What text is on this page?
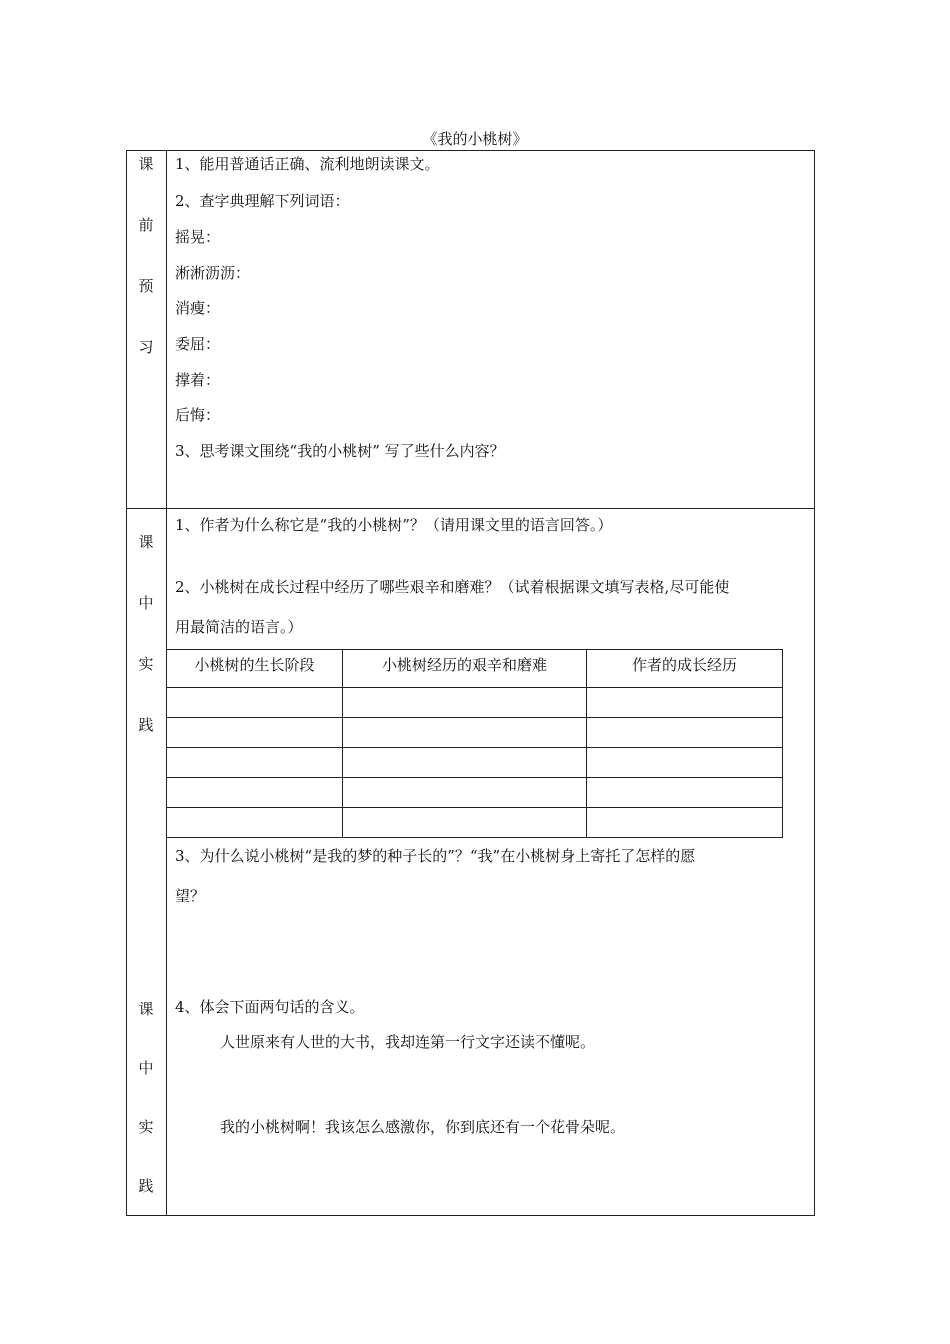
《我的小桃树》
课
前
预
习
1、能用普通话正确、流利地朗读课文。
2、查字典理解下列词语：
摇晃：
淅淅沥沥：
消瘦：
委屈：
撑着：
后悔：
3、思考课文围绕“我的小桃树” 写了些什么内容？
课
中
实
践
课
中
实
践
1、作者为什么称它是“我的小桃树”？（请用课文里的语言回答。）
2、小桃树在成长过程中经历了哪些艰辛和磨难？（试着根据课文填写表格,尽可能使
用最简洁的语言。）
小桃树的生长阶段	小桃树经历的艰辛和磨难	作者的成长经历

3、为什么说小桃树“是我的梦的种子长的”？“我”在小桃树身上寄托了怎样的愿
望？
4、体会下面两句话的含义。
人世原来有人世的大书，我却连第一行文字还读不懂呢。
我的小桃树啊！我该怎么感激你，你到底还有一个花骨朵呢。
